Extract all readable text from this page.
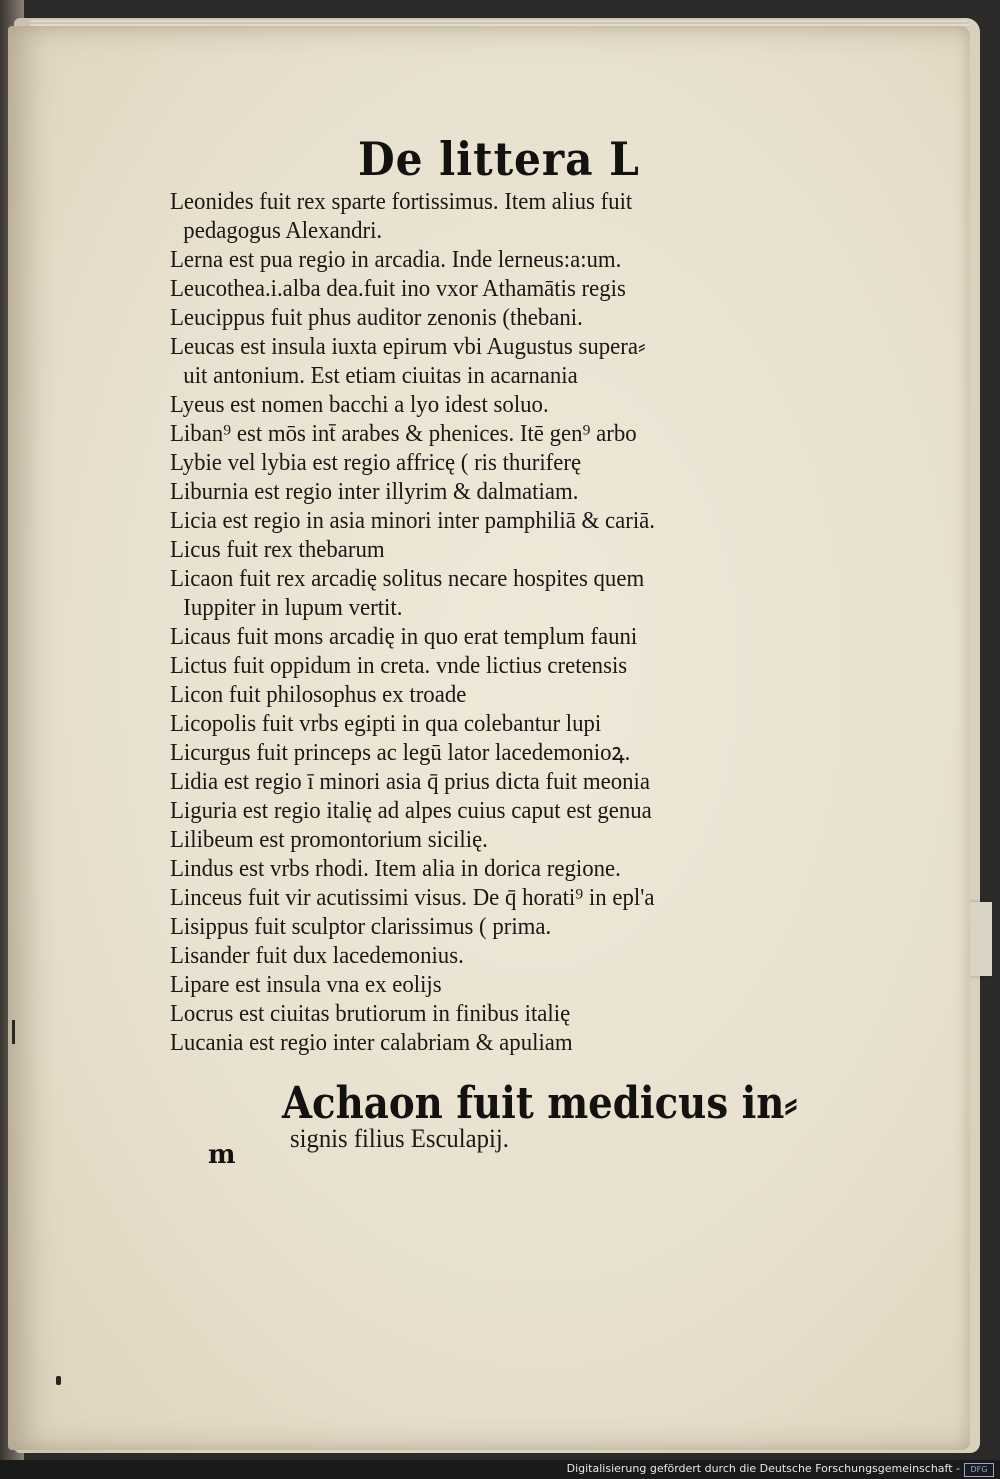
De littera L
Leonides fuit rex sparte fortissimus. Item alius fuit
pedagogus Alexandri.
Lerna est pua regio in arcadia. Inde lerneus:a:um.
Leucothea.i.alba dea.fuit ino vxor Athamātis regis
Leucippus fuit phus auditor zenonis (thebani.
Leucas est insula iuxta epirum vbi Augustus supera⸗
uit antonium. Est etiam ciuitas in acarnania
Lyeus est nomen bacchi a lyo idest soluo.
Liban⁹ est mōs int̄ arabes & phenices. Itē gen⁹ arbo
Lybie vel lybia est regio affricę ( ris thuriferę
Liburnia est regio inter illyrim & dalmatiam.
Licia est regio in asia minori inter pamphiliā & cariā.
Licus fuit rex thebarum
Licaon fuit rex arcadię solitus necare hospites quem
Iuppiter in lupum vertit.
Licaus fuit mons arcadię in quo erat templum fauni
Lictus fuit oppidum in creta. vnde lictius cretensis
Licon fuit philosophus ex troade
Licopolis fuit vrbs egipti in qua colebantur lupi
Licurgus fuit princeps ac legū lator lacedemonioꝝ.
Lidia est regio ī minori asia q̄ prius dicta fuit meonia
Liguria est regio italię ad alpes cuius caput est genua
Lilibeum est promontorium sicilię.
Lindus est vrbs rhodi. Item alia in dorica regione.
Linceus fuit vir acutissimi visus. De q̄ horati⁹ in epl'a
Lisippus fuit sculptor clarissimus ( prima.
Lisander fuit dux lacedemonius.
Lipare est insula vna ex eolijs
Locrus est ciuitas brutiorum in finibus italię
Lucania est regio inter calabriam & apuliam
Achaon fuit medicus in⸗
m
signis filius Esculapij.
Digitalisierung gefördert durch die Deutsche Forschungsgemeinschaft -	DFG
